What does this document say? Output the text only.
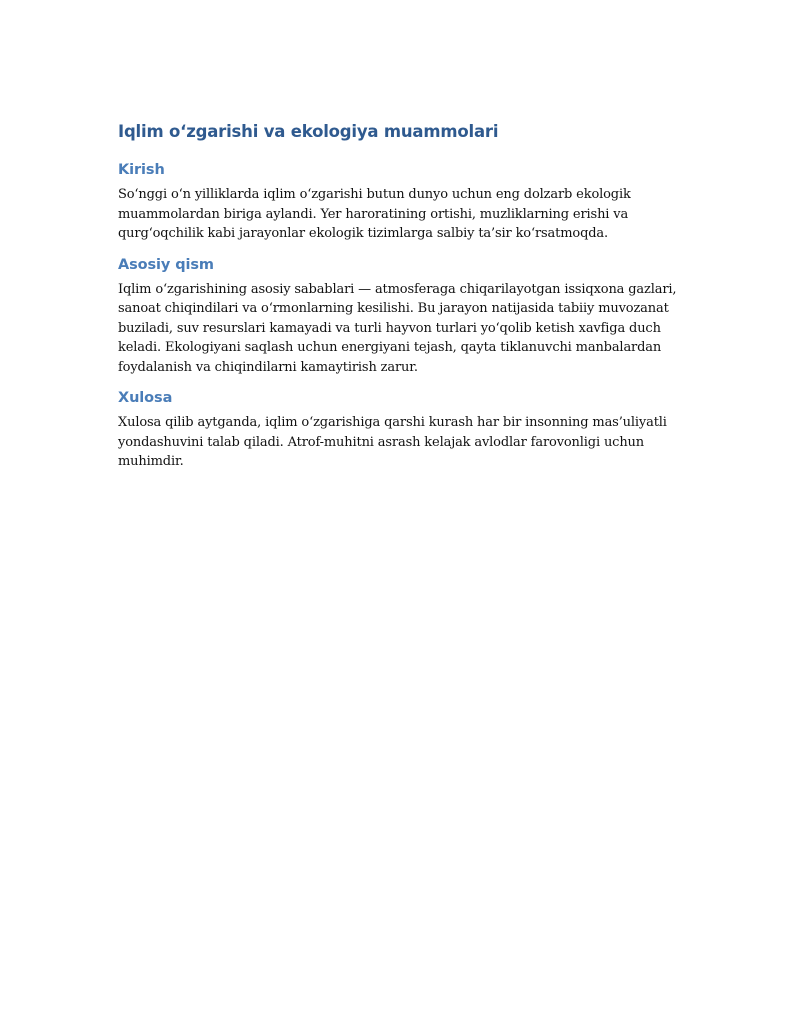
Iqlim o‘zgarishi va ekologiya muammolari
Kirish

So‘nggi o‘n yilliklarda iqlim o‘zgarishi butun dunyo uchun eng dolzarb ekologik muammolardan biriga aylandi. Yer haroratining ortishi, muzliklarning erishi va qurg‘oqchilik kabi jarayonlar ekologik tizimlarga salbiy ta’sir ko‘rsatmoqda.

Asosiy qism

Iqlim o‘zgarishining asosiy sabablari — atmosferaga chiqarilayotgan issiqxona gazlari, sanoat chiqindilari va o‘rmonlarning kesilishi. Bu jarayon natijasida tabiiy muvozanat buziladi, suv resurslari kamayadi va turli hayvon turlari yo‘qolib ketish xavfiga duch keladi. Ekologiyani saqlash uchun energiyani tejash, qayta tiklanuvchi manbalardan foydalanish va chiqindilarni kamaytirish zarur.

Xulosa

Xulosa qilib aytganda, iqlim o‘zgarishiga qarshi kurash har bir insonning mas’uliyatli yondashuvini talab qiladi. Atrof-muhitni asrash kelajak avlodlar farovonligi uchun muhimdir.
